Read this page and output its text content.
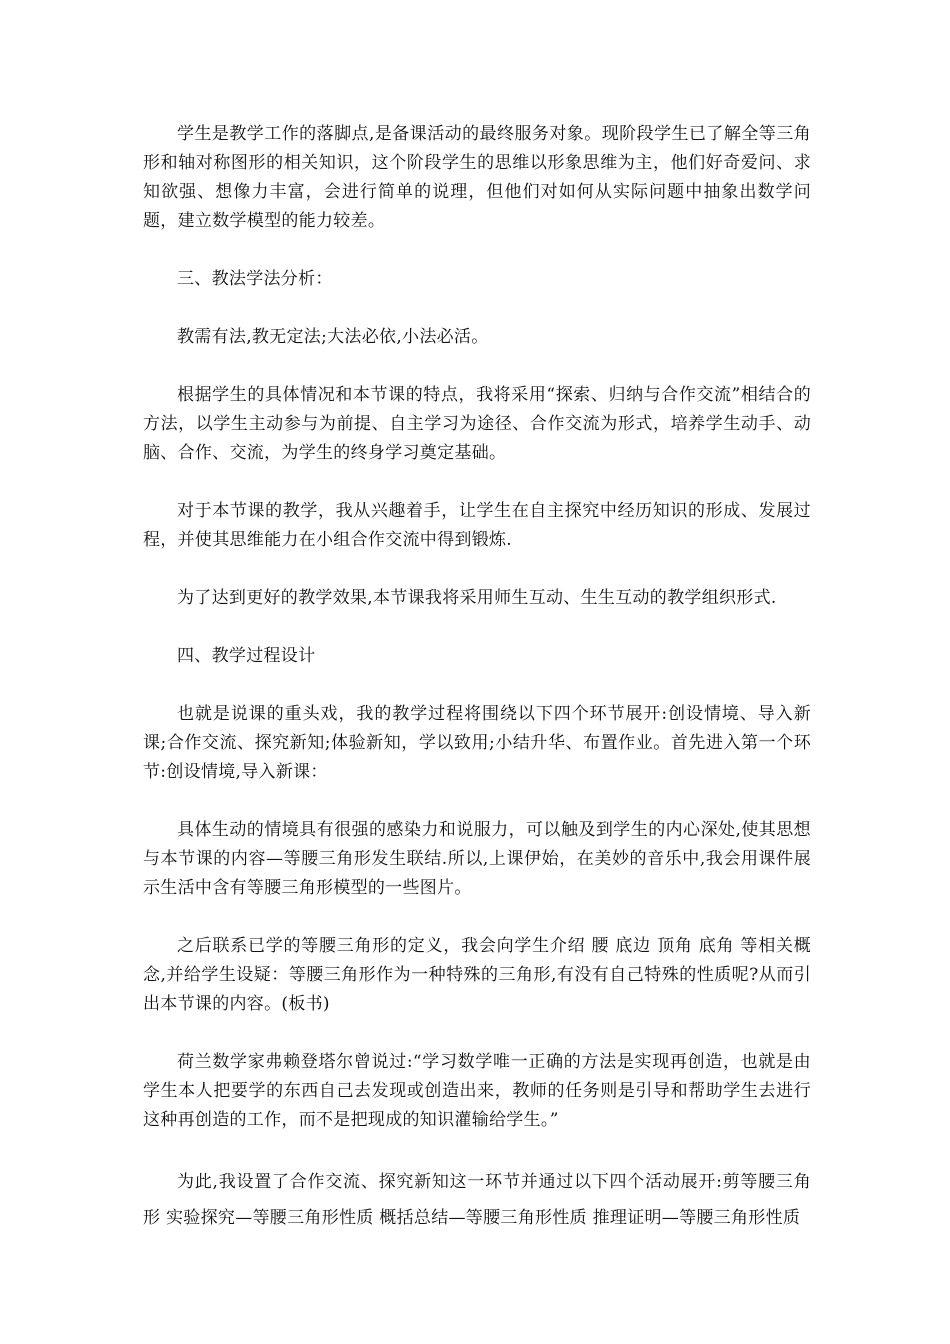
学生是教学工作的落脚点,是备课活动的最终服务对象。现阶段学生已了解全等三角形和轴对称图形的相关知识，这个阶段学生的思维以形象思维为主，他们好奇爱问、求知欲强、想像力丰富，会进行简单的说理，但他们对如何从实际问题中抽象出数学问题，建立数学模型的能力较差。

三、教法学法分析：

教需有法,教无定法;大法必依,小法必活。

根据学生的具体情况和本节课的特点，我将采用“探索、归纳与合作交流”相结合的方法，以学生主动参与为前提、自主学习为途径、合作交流为形式，培养学生动手、动脑、合作、交流，为学生的终身学习奠定基础。

对于本节课的教学，我从兴趣着手，让学生在自主探究中经历知识的形成、发展过程，并使其思维能力在小组合作交流中得到锻炼.

为了达到更好的教学效果,本节课我将采用师生互动、生生互动的教学组织形式.

四、教学过程设计

也就是说课的重头戏，我的教学过程将围绕以下四个环节展开:创设情境、导入新课;合作交流、探究新知;体验新知，学以致用;小结升华、布置作业。首先进入第一个环节:创设情境,导入新课：

具体生动的情境具有很强的感染力和说服力，可以触及到学生的内心深处,使其思想与本节课的内容—等腰三角形发生联结.所以,上课伊始，在美妙的音乐中,我会用课件展示生活中含有等腰三角形模型的一些图片。

之后联系已学的等腰三角形的定义，我会向学生介绍 腰 底边 顶角 底角 等相关概念,并给学生设疑：等腰三角形作为一种特殊的三角形,有没有自己特殊的性质呢?从而引出本节课的内容。(板书)

荷兰数学家弗赖登塔尔曾说过:“学习数学唯一正确的方法是实现再创造，也就是由学生本人把要学的东西自己去发现或创造出来，教师的任务则是引导和帮助学生去进行这种再创造的工作，而不是把现成的知识灌输给学生。”

为此,我设置了合作交流、探究新知这一环节并通过以下四个活动展开:剪等腰三角形 实验探究—等腰三角形性质 概括总结—等腰三角形性质 推理证明—等腰三角形性质
